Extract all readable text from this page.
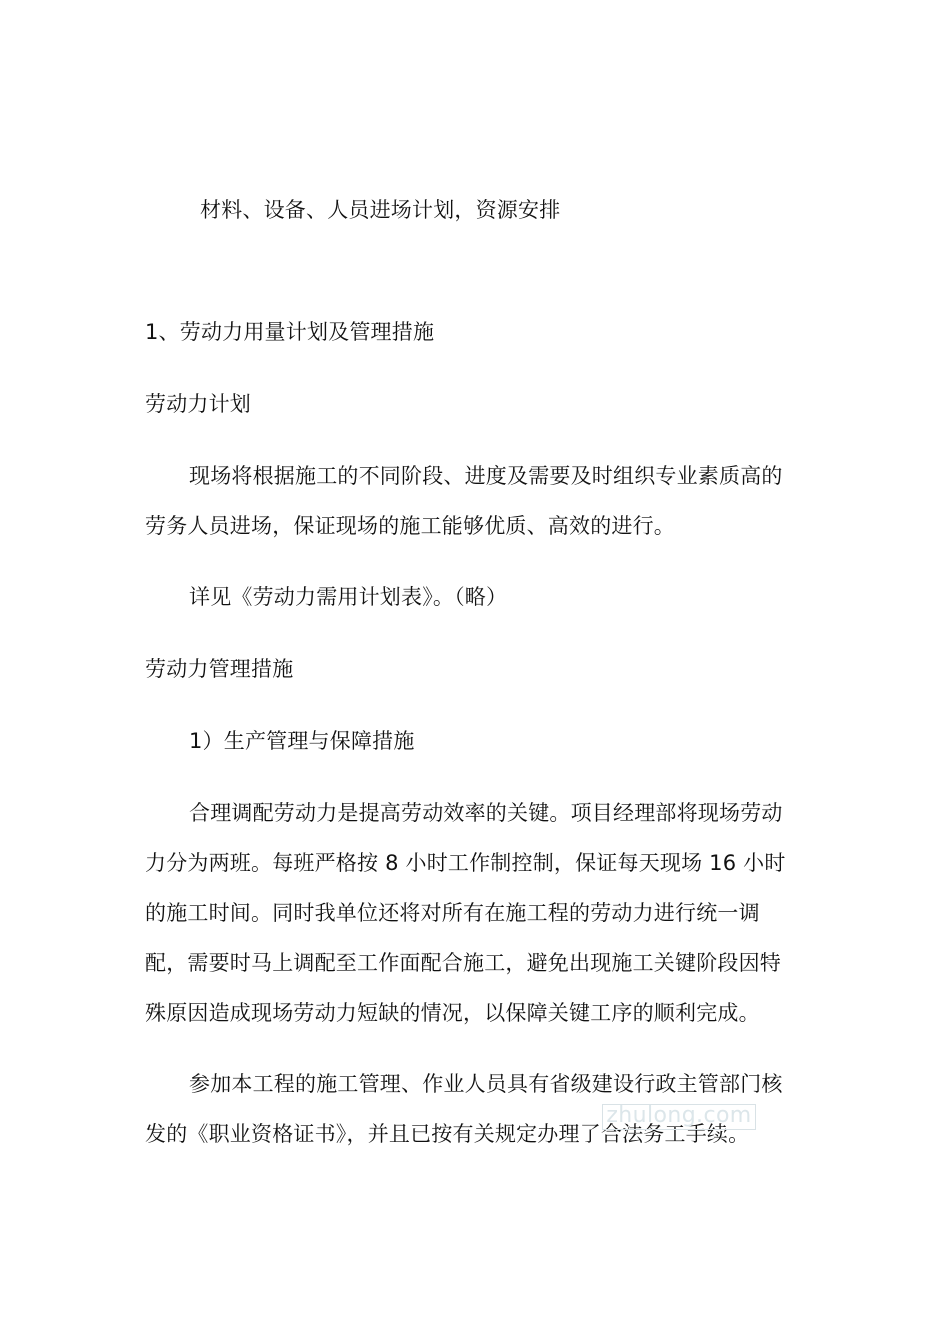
材料、设备、人员进场计划，资源安排
1、劳动力用量计划及管理措施
劳动力计划
现场将根据施工的不同阶段、进度及需要及时组织专业素质高的
劳务人员进场，保证现场的施工能够优质、高效的进行。
详见《劳动力需用计划表》。（略）
劳动力管理措施
1）生产管理与保障措施
合理调配劳动力是提高劳动效率的关键。项目经理部将现场劳动
力分为两班。每班严格按 8 小时工作制控制，保证每天现场 16 小时
的施工时间。同时我单位还将对所有在施工程的劳动力进行统一调
配，需要时马上调配至工作面配合施工，避免出现施工关键阶段因特
殊原因造成现场劳动力短缺的情况，以保障关键工序的顺利完成。
参加本工程的施工管理、作业人员具有省级建设行政主管部门核
发的《职业资格证书》，并且已按有关规定办理了合法务工手续。
zhulong.com
